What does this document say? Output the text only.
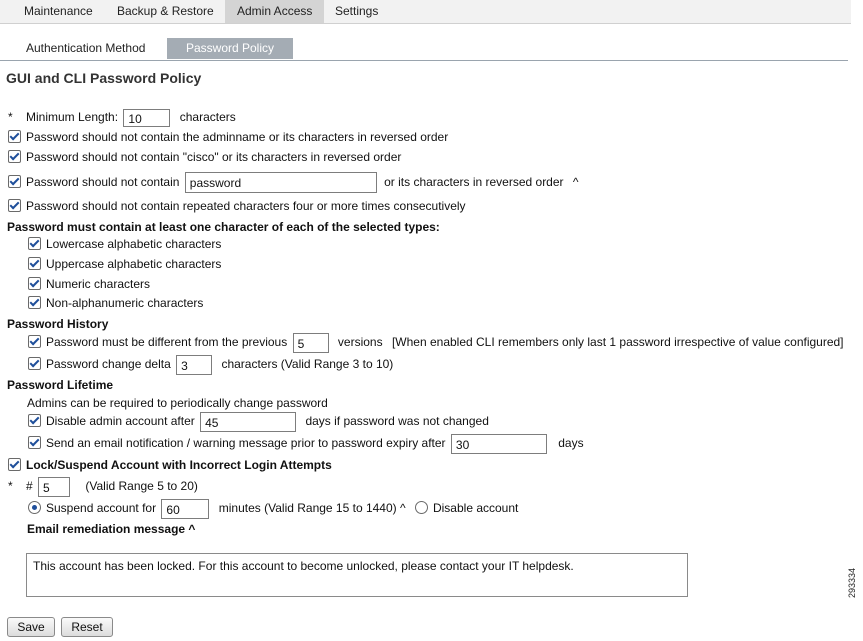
Maintenance	Backup & Restore	Admin Access	Settings
Authentication Method	Password Policy
GUI and CLI Password Policy
* Minimum Length: 10	characters
Password should not contain the adminname or its characters in reversed order
Password should not contain "cisco" or its characters in reversed order
Password should not contain password	or its characters in reversed order ^
Password should not contain repeated characters four or more times consecutively
Password must contain at least one character of each of the selected types:
Lowercase alphabetic characters
Uppercase alphabetic characters
Numeric characters
Non-alphanumeric characters
Password History
Password must be different from the previous 5	versions [When enabled CLI remembers only last 1 password irrespective of value configured]
Password change delta 3	characters (Valid Range 3 to 10)
Password Lifetime
Admins can be required to periodically change password
Disable admin account after 45	days if password was not changed
Send an email notification / warning message prior to password expiry after 30	days
Lock/Suspend Account with Incorrect Login Attempts
* # 5	(Valid Range 5 to 20)
Suspend account for 60	minutes (Valid Range 15 to 1440) ^ Disable account
Email remediation message ^
This account has been locked. For this account to become unlocked, please contact your IT helpdesk.
Save	Reset
293334
